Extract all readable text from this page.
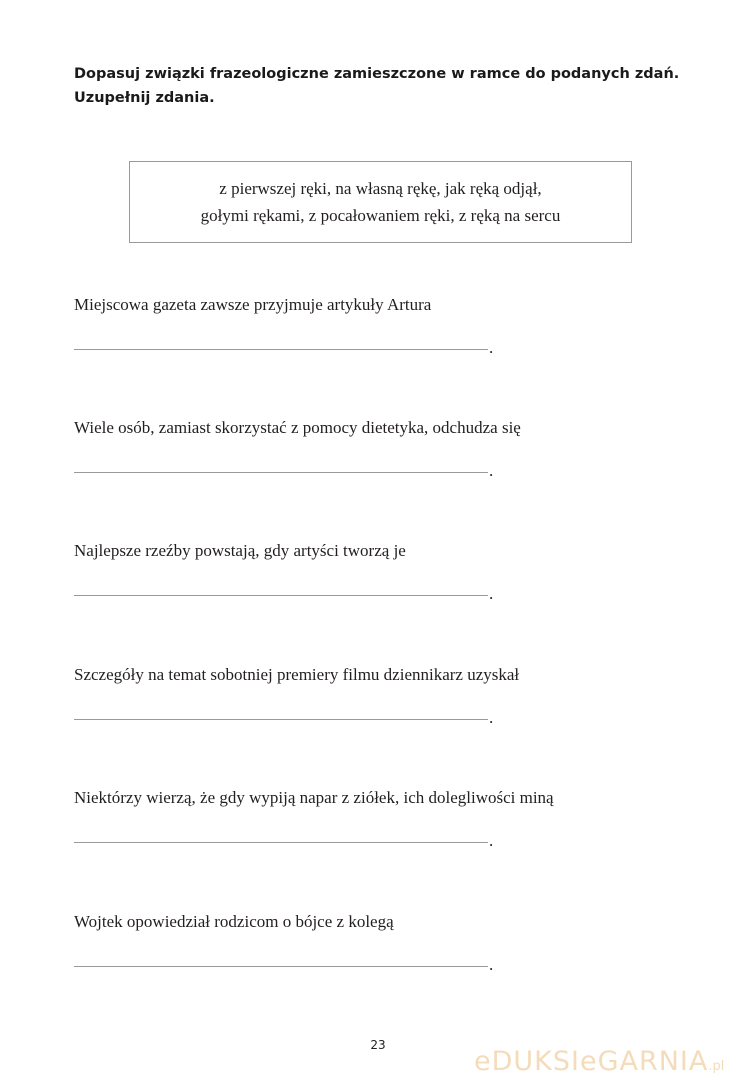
Dopasuj związki frazeologiczne zamieszczone w ramce do podanych zdań. Uzupełnij zdania.
z pierwszej ręki, na własną rękę, jak ręką odjął,
gołymi rękami, z pocałowaniem ręki, z ręką na sercu
Miejscowa gazeta zawsze przyjmuje artykuły Artura
.
Wiele osób, zamiast skorzystać z pomocy dietetyka, odchudza się
.
Najlepsze rzeźby powstają, gdy artyści tworzą je
.
Szczegóły na temat sobotniej premiery filmu dziennikarz uzyskał
.
Niektórzy wierzą, że gdy wypiją napar z ziółek, ich dolegliwości miną
.
Wojtek opowiedział rodzicom o bójce z kolegą
.
23
eDUKSIeGARNIA.pl
